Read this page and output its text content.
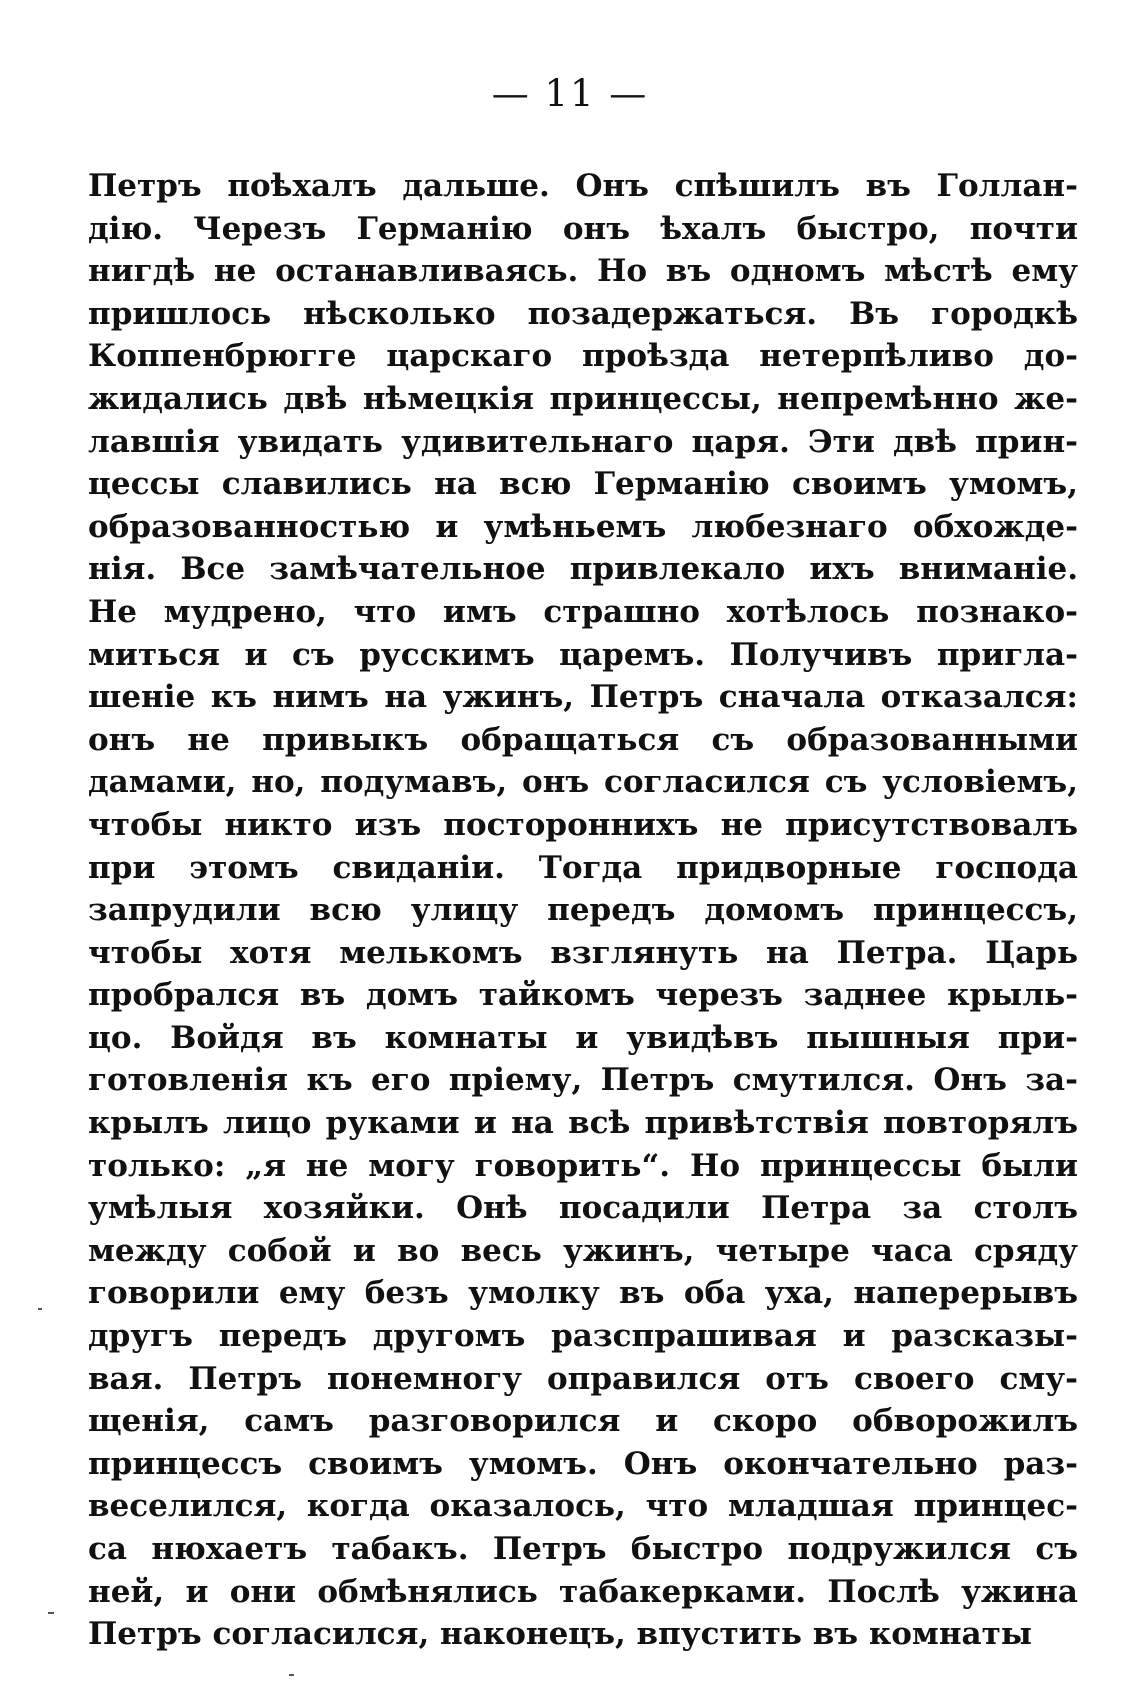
— 11 —
Петръ поѣхалъ дальше. Онъ спѣшилъ въ Голлан-
дію. Черезъ Германію онъ ѣхалъ быстро, почти
нигдѣ не останавливаясь. Но въ одномъ мѣстѣ ему
пришлось нѣсколько позадержаться. Въ городкѣ
Коппенбрюгге царскаго проѣзда нетерпѣливо до-
жидались двѣ нѣмецкія принцессы, непремѣнно же-
лавшія увидать удивительнаго царя. Эти двѣ прин-
цессы славились на всю Германію своимъ умомъ,
образованностью и умѣньемъ любезнаго обхожде-
нія. Все замѣчательное привлекало ихъ вниманіе.
Не мудрено, что имъ страшно хотѣлось познако-
миться и съ русскимъ царемъ. Получивъ пригла-
шеніе къ нимъ на ужинъ, Петръ сначала отказался:
онъ не привыкъ обращаться съ образованными
дамами, но, подумавъ, онъ согласился съ условіемъ,
чтобы никто изъ постороннихъ не присутствовалъ
при этомъ свиданіи. Тогда придворные господа
запрудили всю улицу передъ домомъ принцессъ,
чтобы хотя мелькомъ взглянуть на Петра. Царь
пробрался въ домъ тайкомъ черезъ заднее крыль-
цо. Войдя въ комнаты и увидѣвъ пышныя при-
готовленія къ его пріему, Петръ смутился. Онъ за-
крылъ лицо руками и на всѣ привѣтствія повторялъ
только: „я не могу говорить“. Но принцессы были
умѣлыя хозяйки. Онѣ посадили Петра за столъ
между собой и во весь ужинъ, четыре часа сряду
говорили ему безъ умолку въ оба уха, наперерывъ
другъ передъ другомъ разспрашивая и разсказы-
вая. Петръ понемногу оправился отъ своего сму-
щенія, самъ разговорился и скоро обворожилъ
принцессъ своимъ умомъ. Онъ окончательно раз-
веселился, когда оказалось, что младшая принцес-
са нюхаетъ табакъ. Петръ быстро подружился съ
ней, и они обмѣнялись табакерками. Послѣ ужина
Петръ согласился, наконецъ, впустить въ комнаты
